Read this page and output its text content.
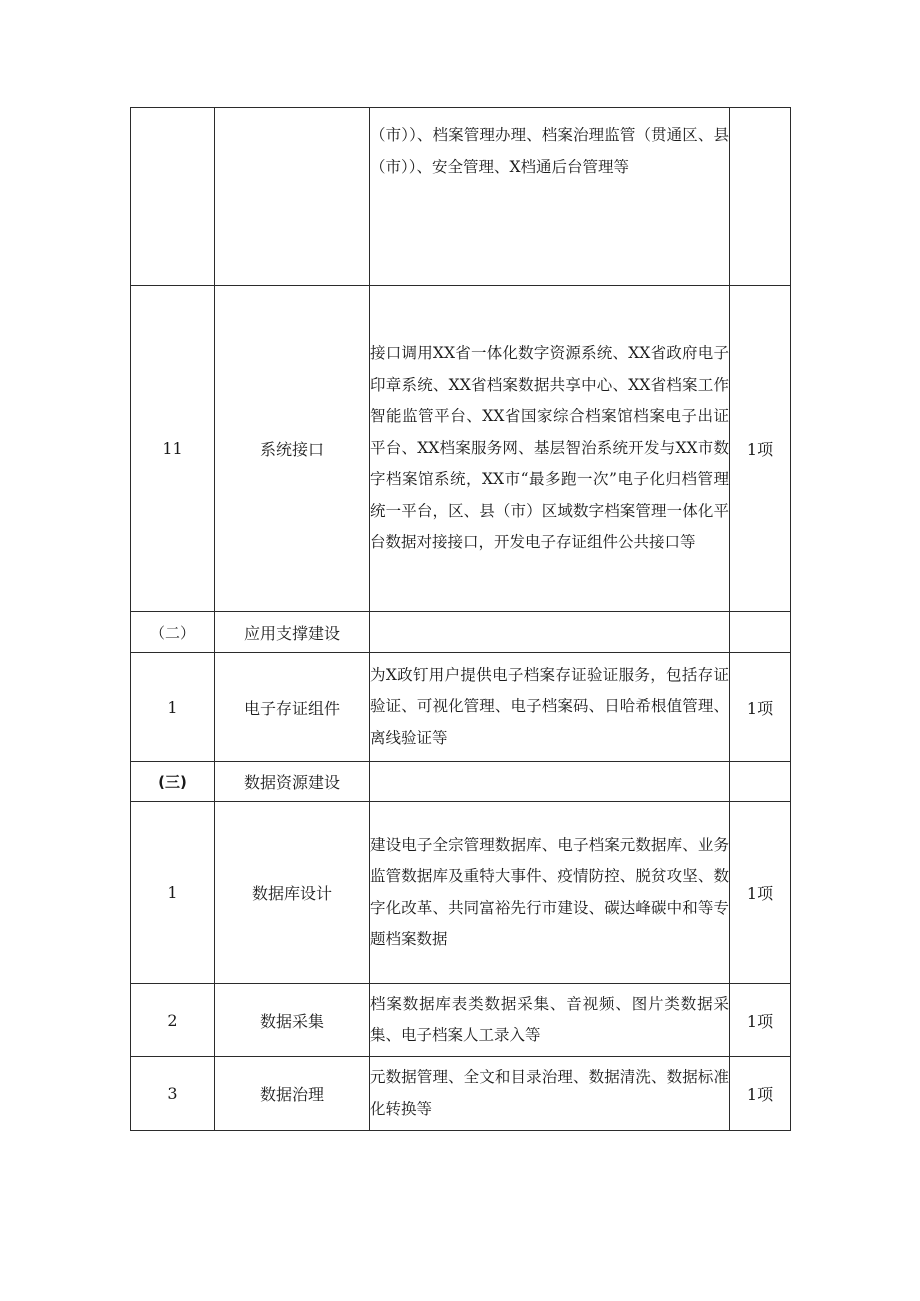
		（市））、档案管理办理、档案治理监管（贯通区、县（市））、安全管理、X档通后台管理等	

11	系统接口	接口调用XX省一体化数字资源系统、XX省政府电子印章系统、XX省档案数据共享中心、XX省档案工作智能监管平台、XX省国家综合档案馆档案电子出证平台、XX档案服务网、基层智治系统开发与XX市数字档案馆系统，XX市“最多跑一次”电子化归档管理统一平台，区、县（市）区域数字档案管理一体化平台数据对接接口，开发电子存证组件公共接口等	1项
（二）	应用支撑建设		
1	电子存证组件	为X政钉用户提供电子档案存证验证服务，包括存证验证、可视化管理、电子档案码、日哈希根值管理、离线验证等	1项
(三)	数据资源建设		
1	数据库设计	建设电子全宗管理数据库、电子档案元数据库、业务监管数据库及重特大事件、疫情防控、脱贫攻坚、数字化改革、共同富裕先行市建设、碳达峰碳中和等专题档案数据	1项
2	数据采集	档案数据库表类数据采集、音视频、图片类数据采集、电子档案人工录入等	1项
3	数据治理	元数据管理、全文和目录治理、数据清洗、数据标准化转换等	1项
